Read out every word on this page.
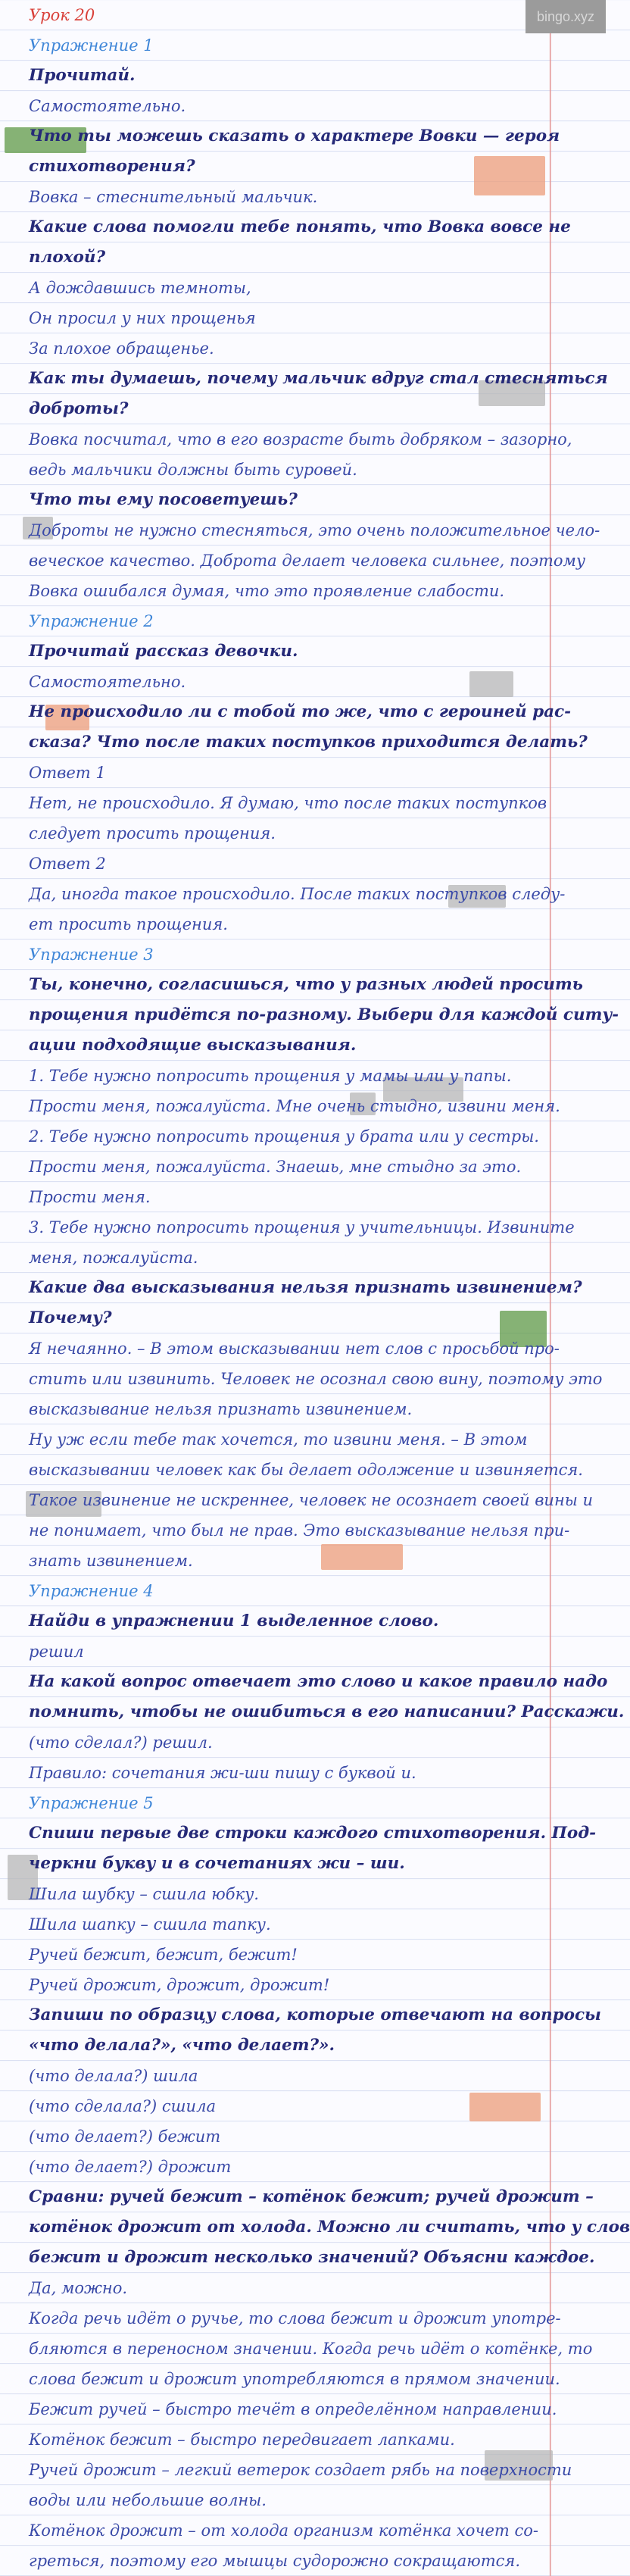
bingo.xyz
Урок 20
Упражнение 1
Прочитай.
Самостоятельно.
Что ты можешь сказать о характере Вовки — героя
стихотворения?
Вовка – стеснительный мальчик.
Какие слова помогли тебе понять, что Вовка вовсе не
плохой?
А дождавшись темноты,
Он просил у них прощенья
За плохое обращенье.
Как ты думаешь, почему мальчик вдруг стал стесняться
доброты?
Вовка посчитал, что в его возрасте быть добряком – зазорно,
ведь мальчики должны быть суровей.
Что ты ему посоветуешь?
Доброты не нужно стесняться, это очень положительное чело-
веческое качество. Доброта делает человека сильнее, поэтому
Вовка ошибался думая, что это проявление слабости.
Упражнение 2
Прочитай рассказ девочки.
Самостоятельно.
Не происходило ли с тобой то же, что с героиней рас-
сказа? Что после таких поступков приходится делать?
Ответ 1
Нет, не происходило. Я думаю, что после таких поступков
следует просить прощения.
Ответ 2
Да, иногда такое происходило. После таких поступков следу-
ет просить прощения.
Упражнение 3
Ты, конечно, согласишься, что у разных людей просить
прощения придётся по-разному. Выбери для каждой ситу-
ации подходящие высказывания.
1. Тебе нужно попросить прощения у мамы или у папы.
Прости меня, пожалуйста. Мне очень стыдно, извини меня.
2. Тебе нужно попросить прощения у брата или у сестры.
Прости меня, пожалуйста. Знаешь, мне стыдно за это.
Прости меня.
3. Тебе нужно попросить прощения у учительницы. Извините
меня, пожалуйста.
Какие два высказывания нельзя признать извинением?
Почему?
Я нечаянно. – В этом высказывании нет слов с просьбой про-
стить или извинить. Человек не осознал свою вину, поэтому это
высказывание нельзя признать извинением.
Ну уж если тебе так хочется, то извини меня. – В этом
высказывании человек как бы делает одолжение и извиняется.
Такое извинение не искреннее, человек не осознает своей вины и
не понимает, что был не прав. Это высказывание нельзя при-
знать извинением.
Упражнение 4
Найди в упражнении 1 выделенное слово.
решил
На какой вопрос отвечает это слово и какое правило надо
помнить, чтобы не ошибиться в его написании? Расскажи.
(что сделал?) решил.
Правило: сочетания жи-ши пишу с буквой и.
Упражнение 5
Спиши первые две строки каждого стихотворения. Под-
черкни букву и в сочетаниях жи – ши.
Шила шубку – сшила юбку.
Шила шапку – сшила тапку.
Ручей бежит, бежит, бежит!
Ручей дрожит, дрожит, дрожит!
Запиши по образцу слова, которые отвечают на вопросы
«что делала?», «что делает?».
(что делала?) шила
(что сделала?) сшила
(что делает?) бежит
(что делает?) дрожит
Сравни: ручей бежит – котёнок бежит; ручей дрожит –
котёнок дрожит от холода. Можно ли считать, что у слов
бежит и дрожит несколько значений? Объясни каждое.
Да, можно.
Когда речь идёт о ручье, то слова бежит и дрожит употре-
бляются в переносном значении. Когда речь идёт о котёнке, то
слова бежит и дрожит употребляются в прямом значении.
Бежит ручей – быстро течёт в определённом направлении.
Котёнок бежит – быстро передвигает лапками.
Ручей дрожит – легкий ветерок создает рябь на поверхности
воды или небольшие волны.
Котёнок дрожит – от холода организм котёнка хочет со-
греться, поэтому его мышцы судорожно сокращаются.
